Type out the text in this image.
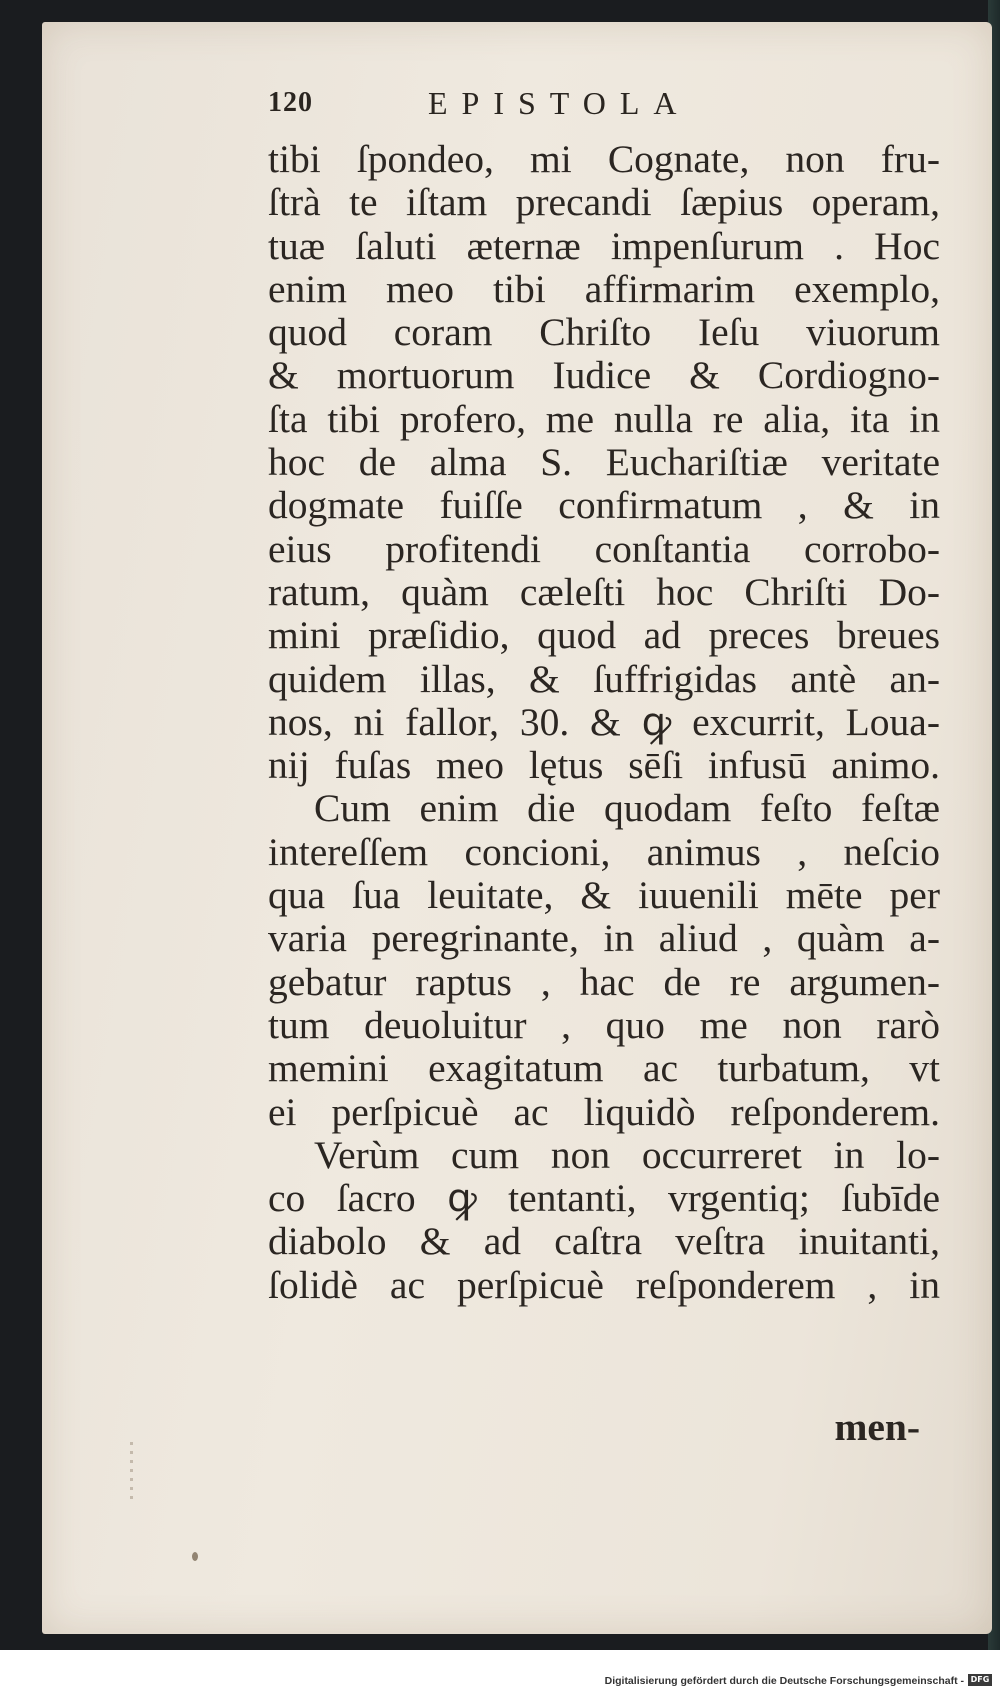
120	EPISTOLA
tibi ſpondeo, mi Cognate, non fru-
ſtrà te iſtam precandi ſæpius operam,
tuæ ſaluti æternæ impenſurum . Hoc
enim meo tibi affirmarim exemplo,
quod coram Chriſto Ieſu viuorum
& mortuorum Iudice & Cordiogno-
ſta tibi profero, me nulla re alia, ita in
hoc de alma S. Euchariſtiæ veritate
dogmate fuiſſe confirmatum , & in
eius profitendi conſtantia corrobo-
ratum, quàm cæleſti hoc Chriſti Do-
mini præſidio, quod ad preces breues
quidem illas, & ſuffrigidas antè an-
nos, ni fallor, 30. & ꝙ excurrit, Loua-
nij fuſas meo lętus sēſi infusū animo.
Cum enim die quodam feſto feſtæ
intereſſem concioni, animus , neſcio
qua ſua leuitate, & iuuenili mēte per
varia peregrinante, in aliud , quàm a-
gebatur raptus , hac de re argumen-
tum deuoluitur , quo me non rarò
memini exagitatum ac turbatum, vt
ei perſpicuè ac liquidò reſponderem.
Verùm cum non occurreret in lo-
co ſacro ꝙ tentanti, vrgentiq; ſubīde
diabolo & ad caſtra veſtra inuitanti,
ſolidè ac perſpicuè reſponderem , in
men-
Digitalisierung gefördert durch die Deutsche Forschungsgemeinschaft - DFG
